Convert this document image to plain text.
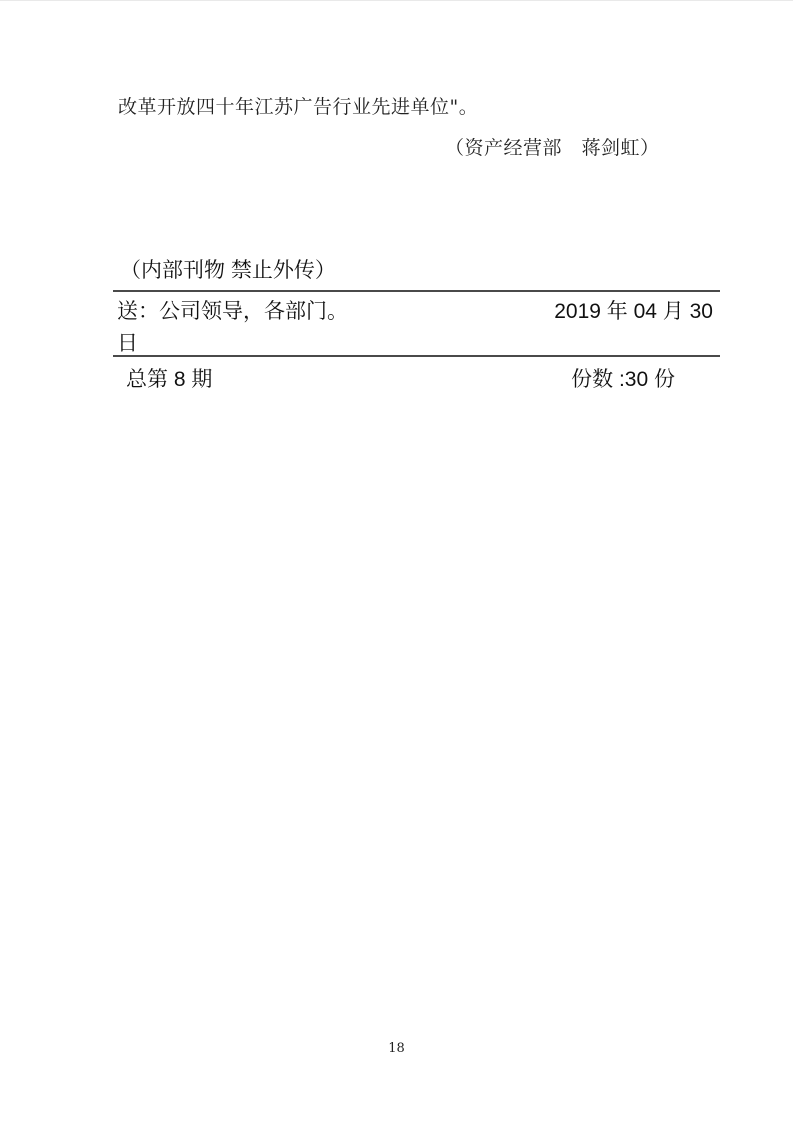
改革开放四十年江苏广告行业先进单位"。
（资产经营部　蒋剑虹）
（内部刊物 禁止外传）
送：公司领导，各部门。	2019 年 04 月 30
日
总第 8 期	份数 :30 份
18
